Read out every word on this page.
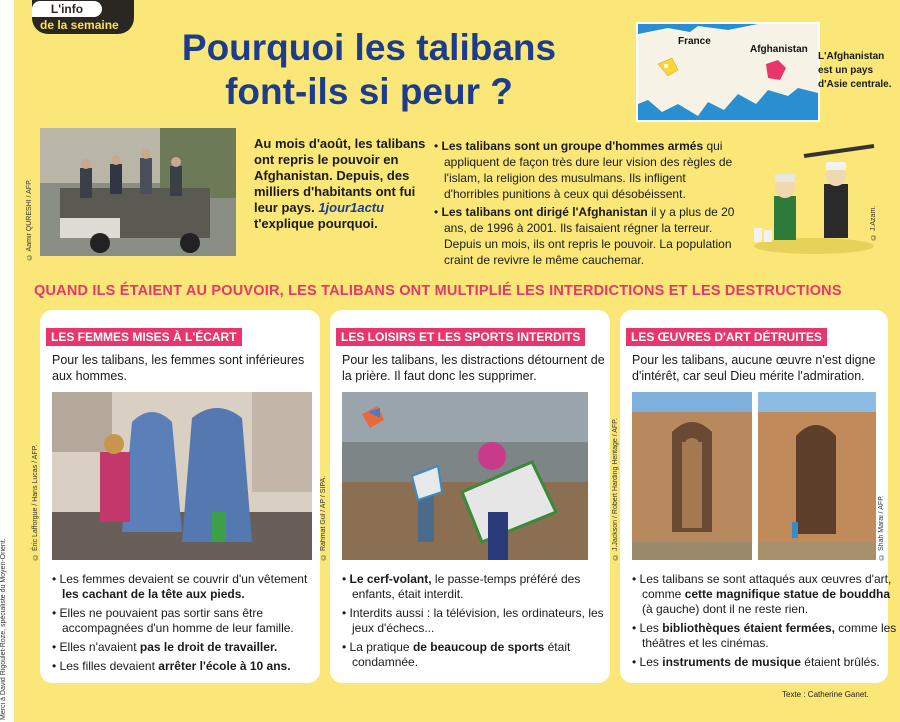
Merci à David Rigoulet-Roze, spécialiste du Moyen-Orient.
L'info
de la semaine
Pourquoi les talibans
font-ils si peur ?
France
Afghanistan
L'Afghanistan est un pays d'Asie centrale.
© Aamir QURESHI / AFP.
Au mois d'août, les talibans ont repris le pouvoir en Afghanistan. Depuis, des milliers d'habitants ont fui leur pays. 1jour1actu t'explique pourquoi.
• Les talibans sont un groupe d'hommes armés qui appliquent de façon très dure leur vision des règles de l'islam, la religion des musulmans. Ils infligent d'horribles punitions à ceux qui désobéissent.
• Les talibans ont dirigé l'Afghanistan il y a plus de 20 ans, de 1996 à 2001. Ils faisaient régner la terreur. Depuis un mois, ils ont repris le pouvoir. La population craint de revivre le même cauchemar.
© J.Azam.
QUAND ILS ÉTAIENT AU POUVOIR, LES TALIBANS ONT MULTIPLIÉ LES INTERDICTIONS ET LES DESTRUCTIONS
LES FEMMES MISES À L'ÉCART
Pour les talibans, les femmes sont inférieures aux hommes.
• Les femmes devaient se couvrir d'un vêtement les cachant de la tête aux pieds.
• Elles ne pouvaient pas sortir sans être accompagnées d'un homme de leur famille.
• Elles n'avaient pas le droit de travailler.
• Les filles devaient arrêter l'école à 10 ans.
© Éric Lafforgue / Hans Lucas / AFP.
LES LOISIRS ET LES SPORTS INTERDITS
Pour les talibans, les distractions détournent de la prière. Il faut donc les supprimer.
• Le cerf-volant, le passe-temps préféré des enfants, était interdit.
• Interdits aussi : la télévision, les ordinateurs, les jeux d'échecs...
• La pratique de beaucoup de sports était condamnée.
© Rahmat Gul / AP / SIPA.
LES ŒUVRES D'ART DÉTRUITES
Pour les talibans, aucune œuvre n'est digne d'intérêt, car seul Dieu mérite l'admiration.
• Les talibans se sont attaqués aux œuvres d'art, comme cette magnifique statue de bouddha (à gauche) dont il ne reste rien.
• Les bibliothèques étaient fermées, comme les théâtres et les cinémas.
• Les instruments de musique étaient brûlés.
© J.Jackson / Robert Harding Heritage / AFP.	© Shah Marai / AFP.
Texte : Catherine Ganet.
